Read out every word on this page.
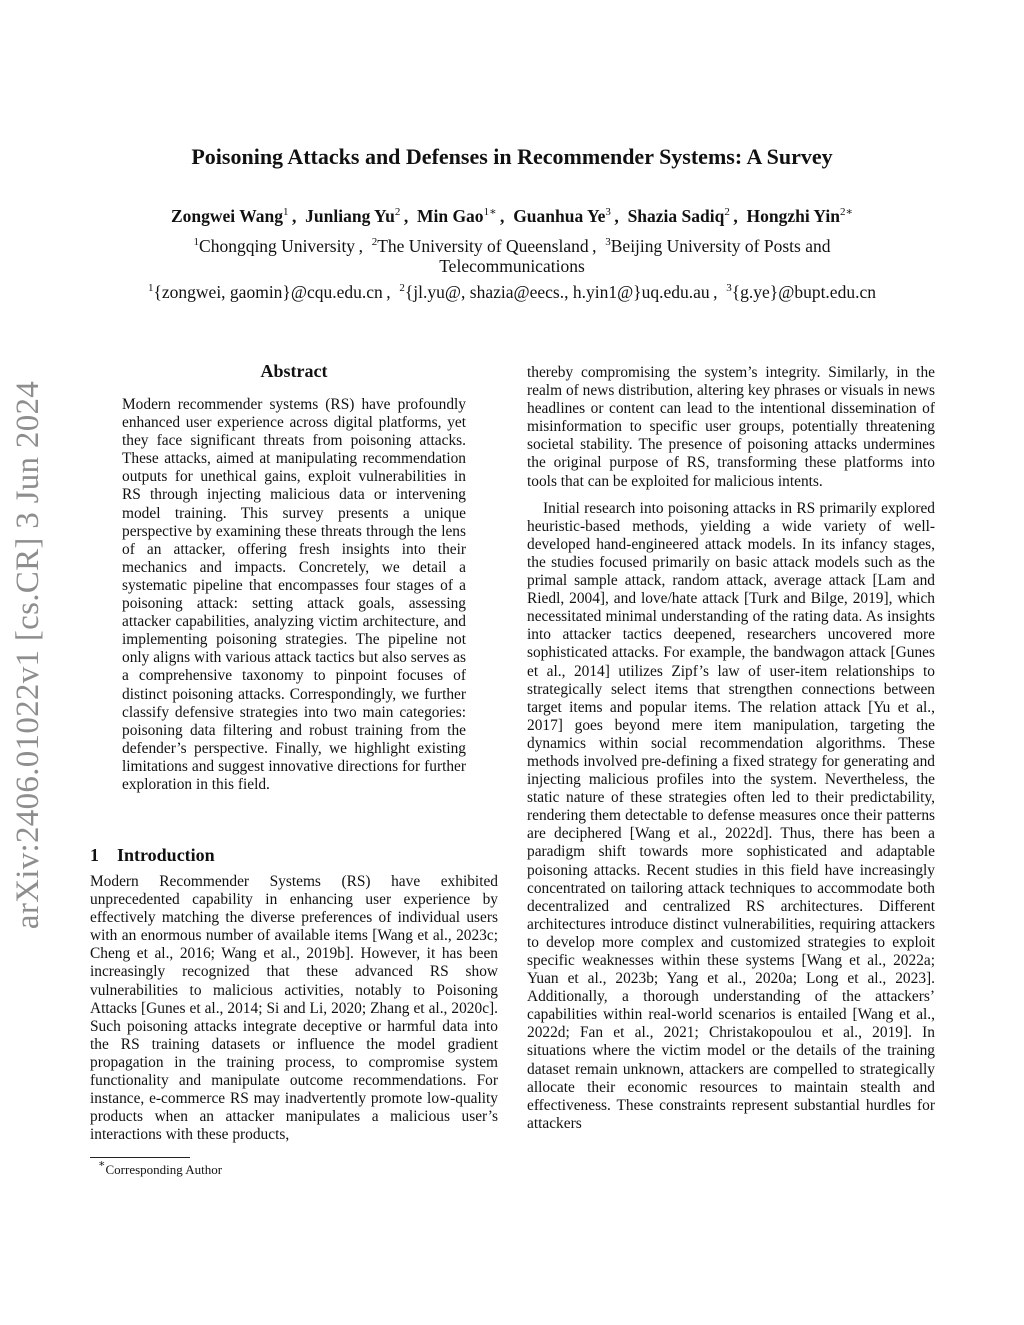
arXiv:2406.01022v1 [cs.CR] 3 Jun 2024
Poisoning Attacks and Defenses in Recommender Systems: A Survey
Zongwei Wang$^1$ ,  Junliang Yu$^2$ ,  Min Gao$^{1∗}$ ,  Guanhua Ye$^3$ ,  Shazia Sadiq$^2$ ,  Hongzhi Yin$^{2∗}$
$^1$Chongqing University ,  $^2$The University of Queensland ,  $^3$Beijing University of Posts and
Telecommunications
$^1${zongwei, gaomin}@cqu.edu.cn ,  $^2${jl.yu@, shazia@eecs., h.yin1@}uq.edu.au ,  $^3${g.ye}@bupt.edu.cn
Abstract

Modern recommender systems (RS) have profoundly enhanced user experience across digital platforms, yet they face significant threats from poisoning attacks. These attacks, aimed at manipulating recommendation outputs for unethical gains, exploit vulnerabilities in RS through injecting malicious data or intervening model training. This survey presents a unique perspective by examining these threats through the lens of an attacker, offering fresh insights into their mechanics and impacts. Concretely, we detail a systematic pipeline that encompasses four stages of a poisoning attack: setting attack goals, assessing attacker capabilities, analyzing victim architecture, and implementing poisoning strategies. The pipeline not only aligns with various attack tactics but also serves as a comprehensive taxonomy to pinpoint focuses of distinct poisoning attacks. Correspondingly, we further classify defensive strategies into two main categories: poisoning data filtering and robust training from the defender’s perspective. Finally, we highlight existing limitations and suggest innovative directions for further exploration in this field.

1 Introduction

Modern Recommender Systems (RS) have exhibited unprecedented capability in enhancing user experience by effectively matching the diverse preferences of individual users with an enormous number of available items [Wang et al., 2023c; Cheng et al., 2016; Wang et al., 2019b]. However, it has been increasingly recognized that these advanced RS show vulnerabilities to malicious activities, notably to Poisoning Attacks [Gunes et al., 2014; Si and Li, 2020; Zhang et al., 2020c]. Such poisoning attacks integrate deceptive or harmful data into the RS training datasets or influence the model gradient propagation in the training process, to compromise system functionality and manipulate outcome recommendations. For instance, e-commerce RS may inadvertently promote low-quality products when an attacker manipulates a malicious user’s interactions with these products,

∗Corresponding Author

thereby compromising the system’s integrity. Similarly, in the realm of news distribution, altering key phrases or visuals in news headlines or content can lead to the intentional dissemination of misinformation to specific user groups, potentially threatening societal stability. The presence of poisoning attacks undermines the original purpose of RS, transforming these platforms into tools that can be exploited for malicious intents.

Initial research into poisoning attacks in RS primarily explored heuristic-based methods, yielding a wide variety of well-developed hand-engineered attack models. In its infancy stages, the studies focused primarily on basic attack models such as the primal sample attack, random attack, average attack [Lam and Riedl, 2004], and love/hate attack [Turk and Bilge, 2019], which necessitated minimal understanding of the rating data. As insights into attacker tactics deepened, researchers uncovered more sophisticated attacks. For example, the bandwagon attack [Gunes et al., 2014] utilizes Zipf’s law of user-item relationships to strategically select items that strengthen connections between target items and popular items. The relation attack [Yu et al., 2017] goes beyond mere item manipulation, targeting the dynamics within social recommendation algorithms. These methods involved pre-defining a fixed strategy for generating and injecting malicious profiles into the system. Nevertheless, the static nature of these strategies often led to their predictability, rendering them detectable to defense measures once their patterns are deciphered [Wang et al., 2022d]. Thus, there has been a paradigm shift towards more sophisticated and adaptable poisoning attacks. Recent studies in this field have increasingly concentrated on tailoring attack techniques to accommodate both decentralized and centralized RS architectures. Different architectures introduce distinct vulnerabilities, requiring attackers to develop more complex and customized strategies to exploit specific weaknesses within these systems [Wang et al., 2022a; Yuan et al., 2023b; Yang et al., 2020a; Long et al., 2023]. Additionally, a thorough understanding of the attackers’ capabilities within real-world scenarios is entailed [Wang et al., 2022d; Fan et al., 2021; Christakopoulou et al., 2019]. In situations where the victim model or the details of the training dataset remain unknown, attackers are compelled to strategically allocate their economic resources to maintain stealth and effectiveness. These constraints represent substantial hurdles for attackers
